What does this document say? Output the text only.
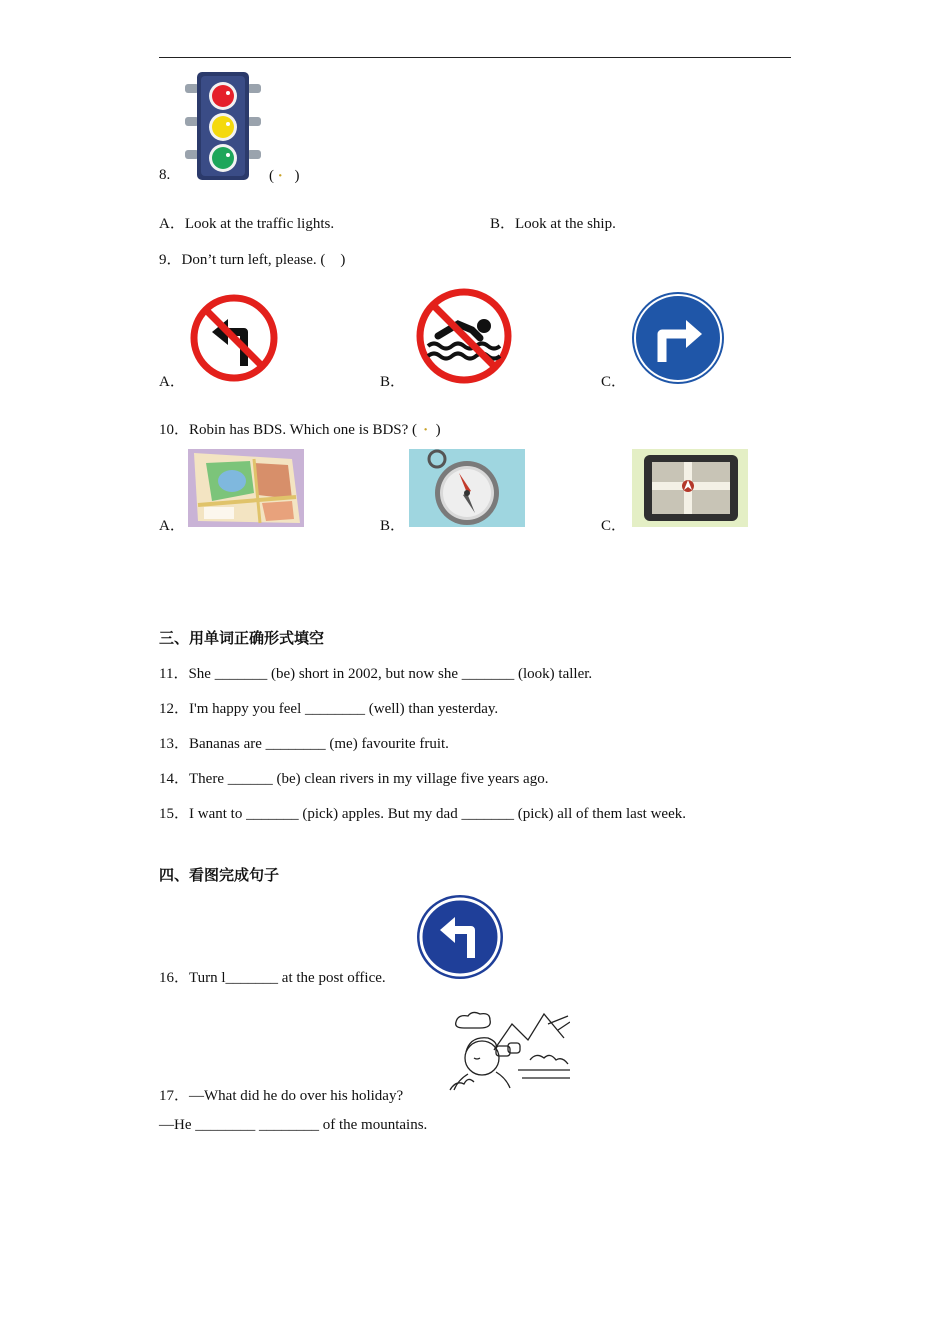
8.	( · )
A．Look at the traffic lights.	B．Look at the ship.
9．Don’t turn left, please. (    )
A．	B．	C．
10．Robin has BDS. Which one is BDS? ( ·  )
A．	B．	C．
三、用单词正确形式填空
11．She _______ (be) short in 2002, but now she _______ (look) taller.
12．I'm happy you feel ________ (well) than yesterday.
13．Bananas are ________ (me) favourite fruit.
14．There ______ (be) clean rivers in my village five years ago.
15．I want to _______ (pick) apples. But my dad _______ (pick) all of them last week.
四、看图完成句子
16．Turn l_______ at the post office.
17．—What did he do over his holiday?
—He ________ ________ of the mountains.
